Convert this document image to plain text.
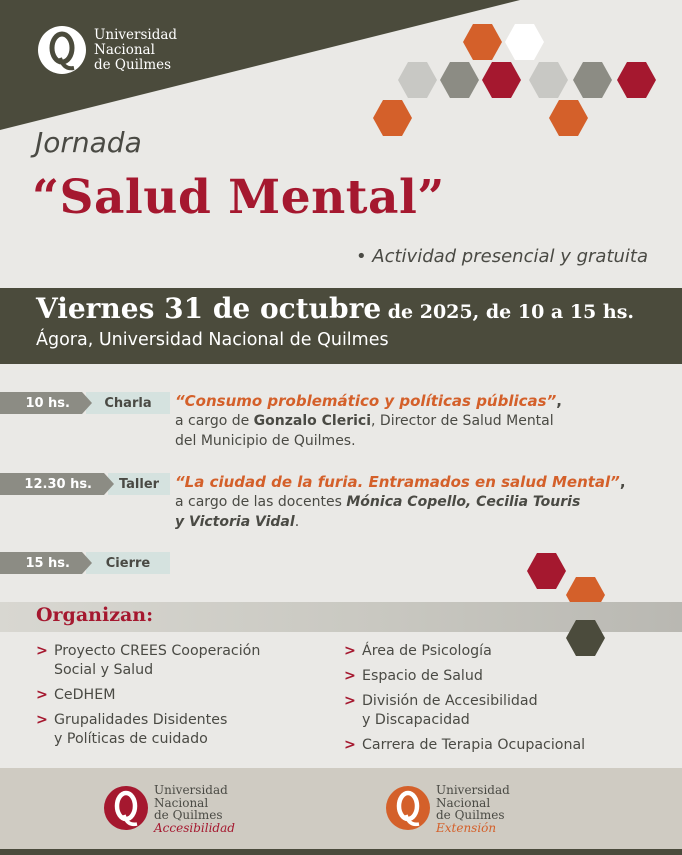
Universidad
Nacional
de Quilmes
Jornada
“Salud Mental”
• Actividad presencial y gratuita
Viernes 31 de octubre de 2025, de 10 a 15 hs.
Ágora, Universidad Nacional de Quilmes
10 hs.	Charla
12.30 hs. Taller
15 hs.	Cierre
“Consumo problemático y políticas públicas”,
a cargo de Gonzalo Clerici, Director de Salud Mental
del Municipio de Quilmes.
“La ciudad de la furia. Entramados en salud Mental”,
a cargo de las docentes Mónica Copello, Cecilia Touris
y Victoria Vidal.
Organizan:
> Proyecto CREES Cooperación
Social y Salud
> CeDHEM
> Grupalidades Disidentes
y Políticas de cuidado
> Área de Psicología
> Espacio de Salud
> División de Accesibilidad
y Discapacidad
> Carrera de Terapia Ocupacional
Universidad
Nacional
de Quilmes
Accesibilidad
Universidad
Nacional
de Quilmes
Extensión
